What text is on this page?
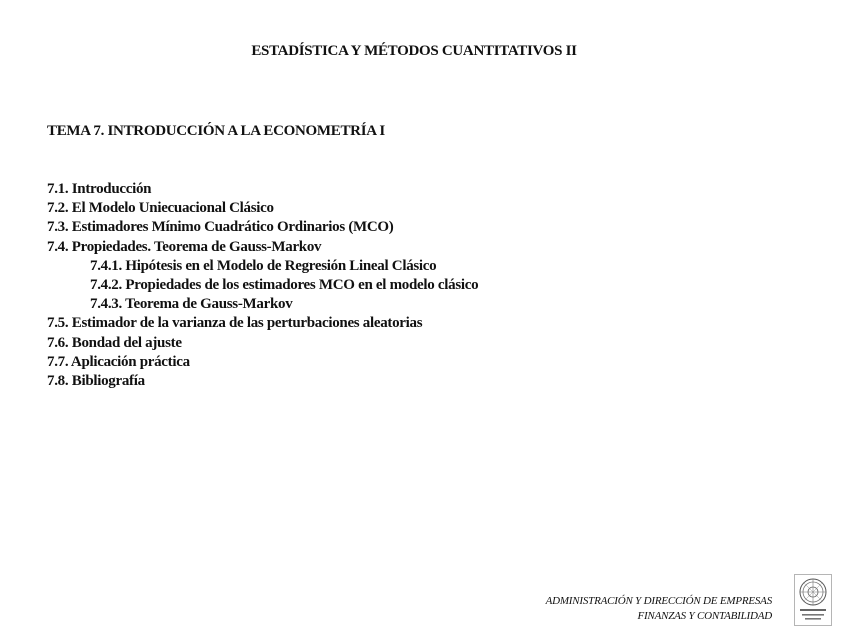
ESTADÍSTICA Y MÉTODOS CUANTITATIVOS II
TEMA 7. INTRODUCCIÓN A LA ECONOMETRÍA I
7.1. Introducción
7.2. El Modelo Uniecuacional Clásico
7.3. Estimadores Mínimo Cuadrático Ordinarios (MCO)
7.4. Propiedades. Teorema de Gauss-Markov
7.4.1. Hipótesis en el Modelo de Regresión Lineal Clásico
7.4.2. Propiedades de los estimadores MCO en el modelo clásico
7.4.3. Teorema de Gauss-Markov
7.5. Estimador de la varianza de las perturbaciones aleatorias
7.6. Bondad del ajuste
7.7. Aplicación práctica
7.8. Bibliografía
ADMINISTRACIÓN Y DIRECCIÓN DE EMPRESAS
FINANZAS Y CONTABILIDAD
